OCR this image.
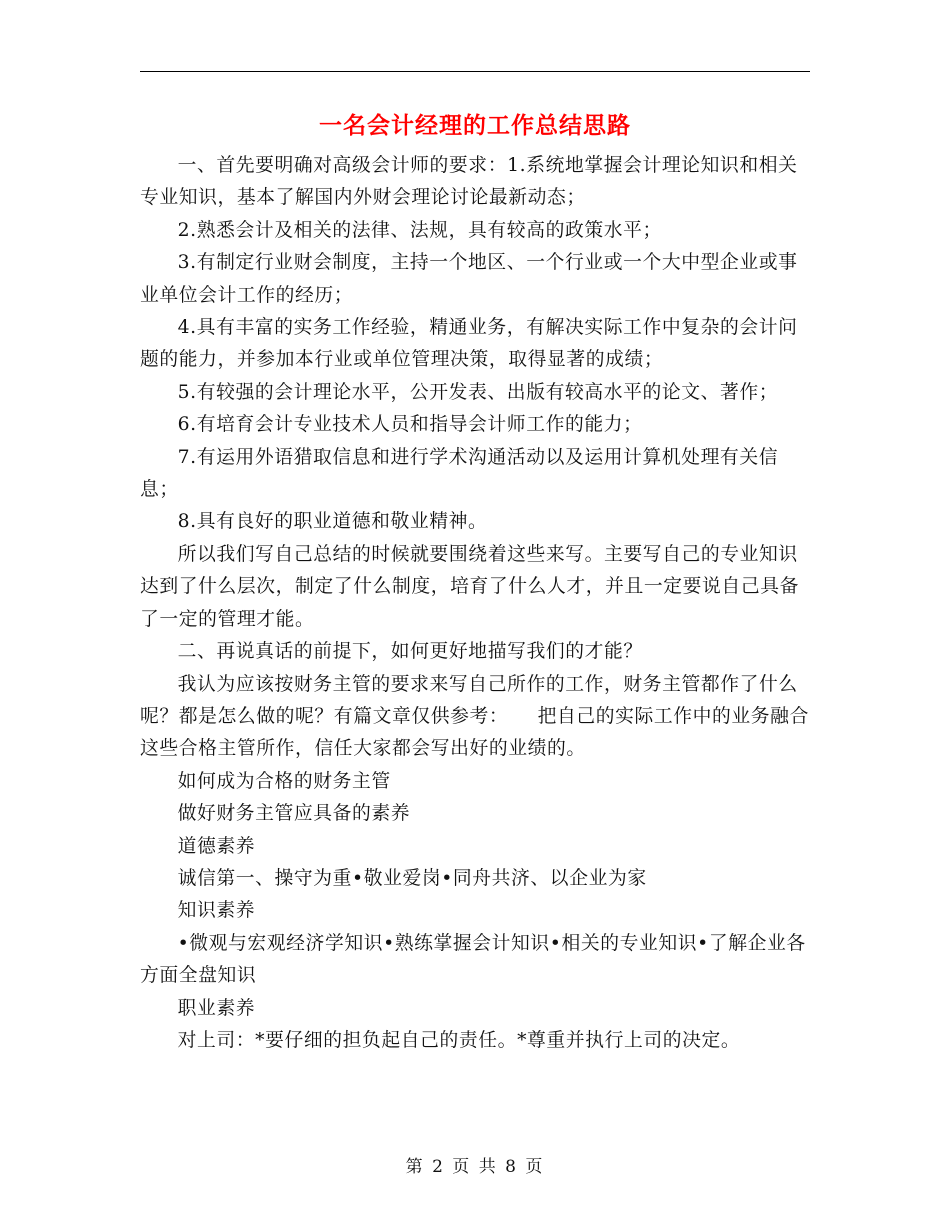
一名会计经理的工作总结思路

一、首先要明确对高级会计师的要求：1.系统地掌握会计理论知识和相关专业知识，基本了解国内外财会理论讨论最新动态；

2.熟悉会计及相关的法律、法规，具有较高的政策水平；

3.有制定行业财会制度，主持一个地区、一个行业或一个大中型企业或事业单位会计工作的经历；

4.具有丰富的实务工作经验，精通业务，有解决实际工作中复杂的会计问题的能力，并参加本行业或单位管理决策，取得显著的成绩；

5.有较强的会计理论水平，公开发表、出版有较高水平的论文、著作；

6.有培育会计专业技术人员和指导会计师工作的能力；

7.有运用外语猎取信息和进行学术沟通活动以及运用计算机处理有关信息；

8.具有良好的职业道德和敬业精神。

所以我们写自己总结的时候就要围绕着这些来写。主要写自己的专业知识达到了什么层次，制定了什么制度，培育了什么人才，并且一定要说自己具备了一定的管理才能。

二、再说真话的前提下，如何更好地描写我们的才能？

我认为应该按财务主管的要求来写自己所作的工作，财务主管都作了什么呢？都是怎么做的呢？有篇文章仅供参考：　　把自己的实际工作中的业务融合这些合格主管所作，信任大家都会写出好的业绩的。

如何成为合格的财务主管

做好财务主管应具备的素养

道德素养

诚信第一、操守为重•敬业爱岗•同舟共济、以企业为家

知识素养

•微观与宏观经济学知识•熟练掌握会计知识•相关的专业知识•了解企业各方面全盘知识

职业素养

对上司：*要仔细的担负起自己的责任。*尊重并执行上司的决定。

第 2 页 共 8 页
